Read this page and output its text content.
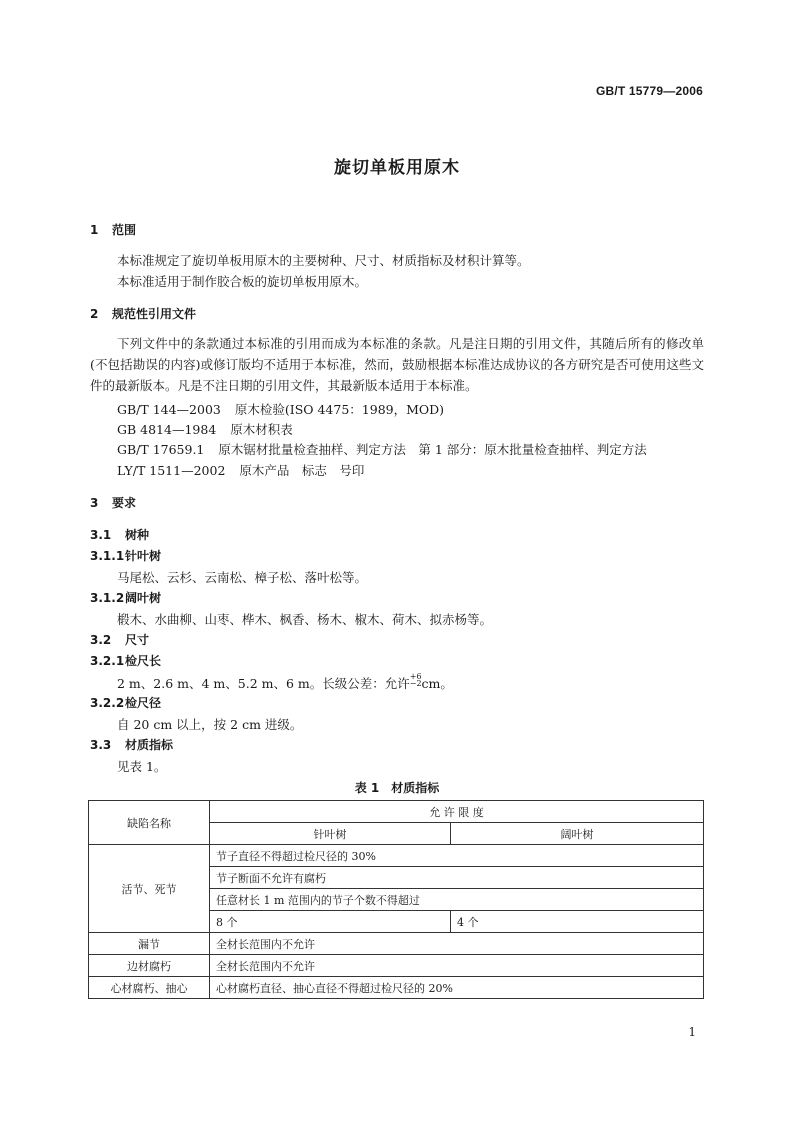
GB/T 15779—2006
旋切单板用原木
1 范围
本标准规定了旋切单板用原木的主要树种、尺寸、材质指标及材积计算等。
本标准适用于制作胶合板的旋切单板用原木。
2 规范性引用文件
下列文件中的条款通过本标准的引用而成为本标准的条款。凡是注日期的引用文件，其随后所有的修改单(不包括勘误的内容)或修订版均不适用于本标准，然而，鼓励根据本标准达成协议的各方研究是否可使用这些文件的最新版本。凡是不注日期的引用文件，其最新版本适用于本标准。
GB/T 144—2003 原木检验(ISO 4475：1989，MOD)
GB 4814—1984 原木材积表
GB/T 17659.1 原木锯材批量检查抽样、判定方法　第 1 部分：原木批量检查抽样、判定方法
LY/T 1511—2002 原木产品　标志　号印
3 要求
3.1 树种
3.1.1针叶树
马尾松、云杉、云南松、樟子松、落叶松等。
3.1.2阔叶树
椴木、水曲柳、山枣、桦木、枫香、杨木、椒木、荷木、拟赤杨等。
3.2 尺寸
3.2.1检尺长
2 m、2.6 m、4 m、5.2 m、6 m。长级公差：允许$^{+6 -2}$cm。
3.2.2检尺径
自 20 cm 以上，按 2 cm 进级。
3.3 材质指标
见表 1。
表 1　材质指标
缺陷名称	允 许 限 度	
	针叶树	阔叶树
活节、死节	节子直径不得超过检尺径的 30%	
	节子断面不允许有腐朽	
	任意材长 1 m 范围内的节子个数不得超过	
	8 个	4 个
漏节	全材长范围内不允许	
边材腐朽	全材长范围内不允许	
心材腐朽、抽心	心材腐朽直径、抽心直径不得超过检尺径的 20%	
1
